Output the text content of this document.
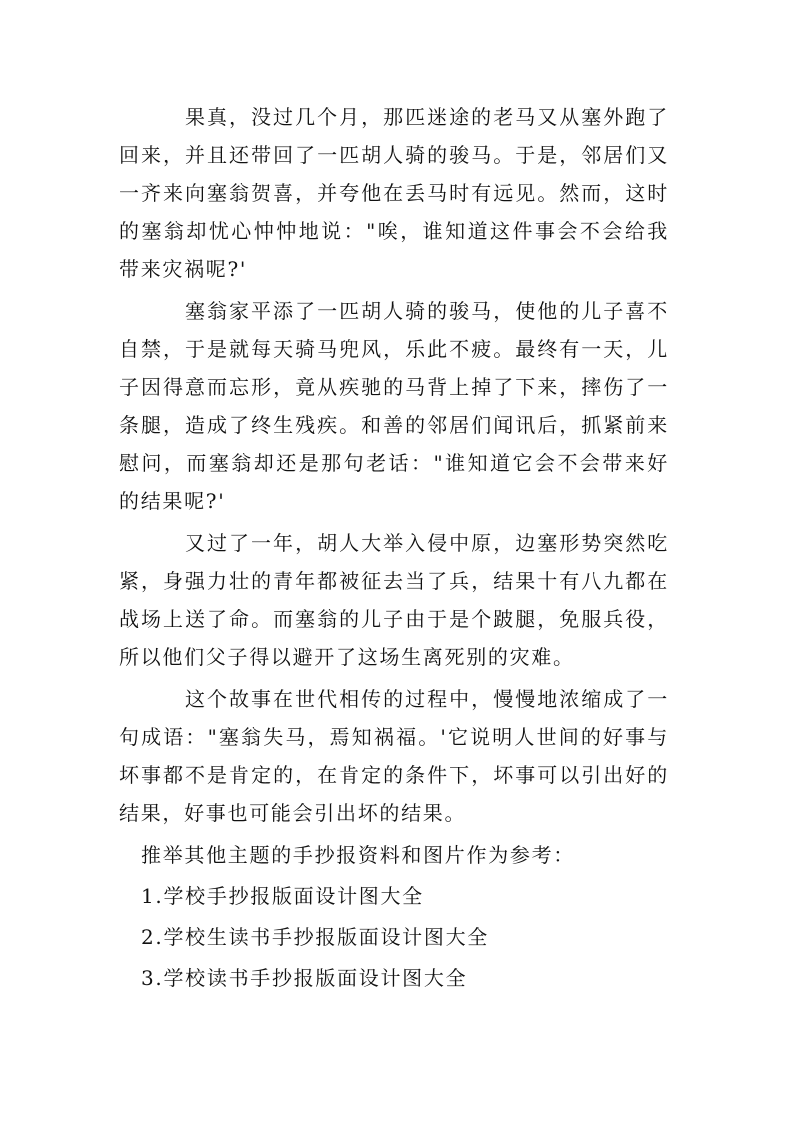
果真，没过几个月，那匹迷途的老马又从塞外跑了回来，并且还带回了一匹胡人骑的骏马。于是，邻居们又一齐来向塞翁贺喜，并夸他在丢马时有远见。然而，这时的塞翁却忧心忡忡地说："唉，谁知道这件事会不会给我带来灾祸呢?'

塞翁家平添了一匹胡人骑的骏马，使他的儿子喜不自禁，于是就每天骑马兜风，乐此不疲。最终有一天，儿子因得意而忘形，竟从疾驰的马背上掉了下来，摔伤了一条腿，造成了终生残疾。和善的邻居们闻讯后，抓紧前来慰问，而塞翁却还是那句老话："谁知道它会不会带来好的结果呢?'

又过了一年，胡人大举入侵中原，边塞形势突然吃紧，身强力壮的青年都被征去当了兵，结果十有八九都在战场上送了命。而塞翁的儿子由于是个跛腿，免服兵役，所以他们父子得以避开了这场生离死别的灾难。

这个故事在世代相传的过程中，慢慢地浓缩成了一句成语："塞翁失马，焉知祸福。'它说明人世间的好事与坏事都不是肯定的，在肯定的条件下，坏事可以引出好的结果，好事也可能会引出坏的结果。

推举其他主题的手抄报资料和图片作为参考：

1.学校手抄报版面设计图大全
2.学校生读书手抄报版面设计图大全
3.学校读书手抄报版面设计图大全
